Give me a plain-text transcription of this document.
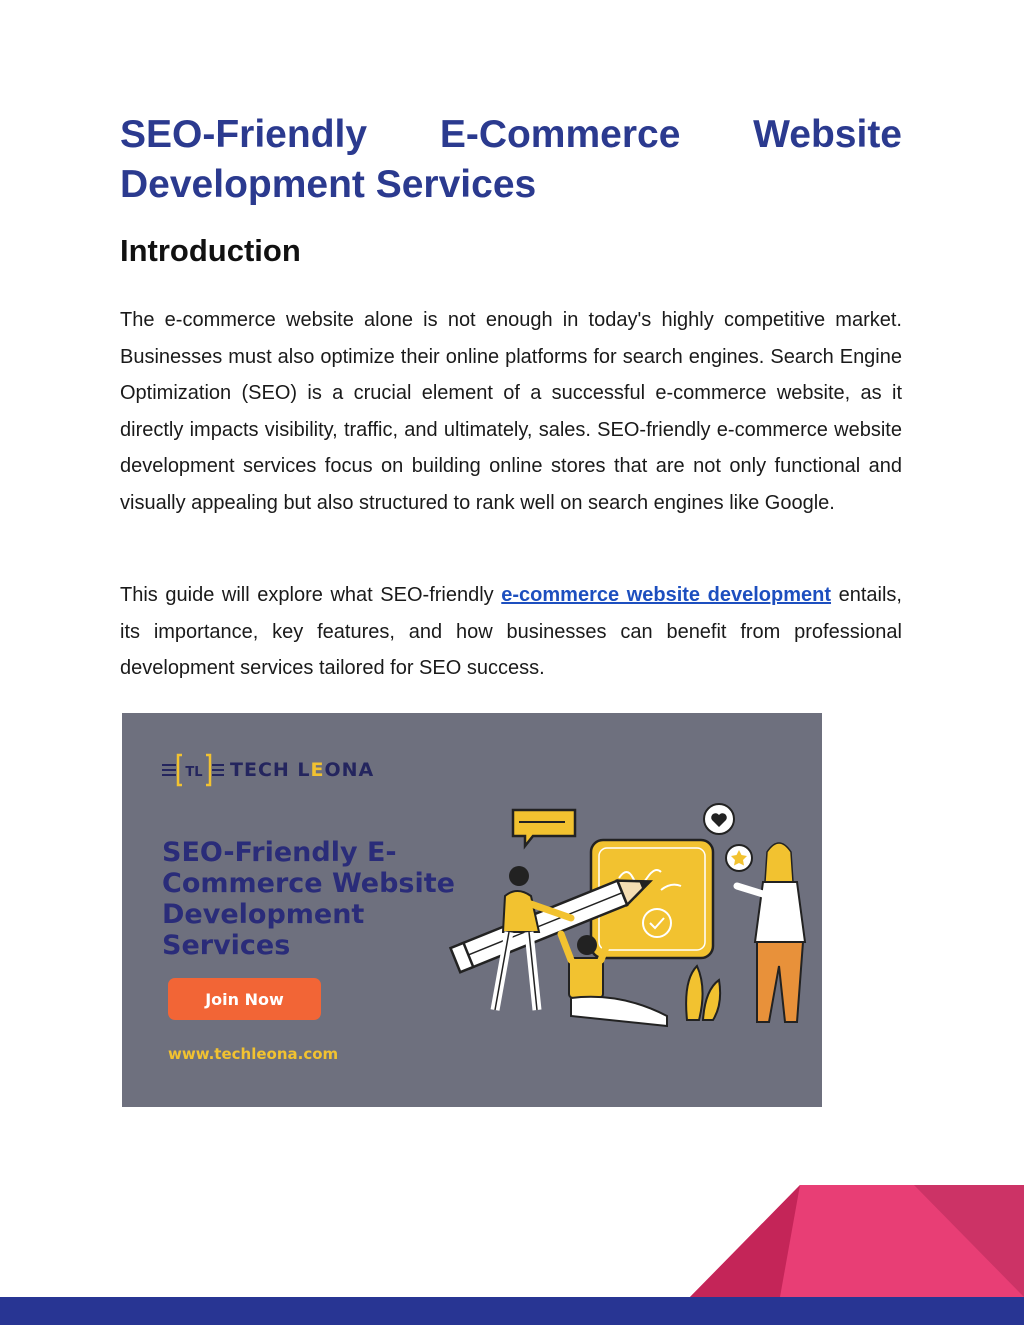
SEO-Friendly E-Commerce Website
Development Services
Introduction

The e-commerce website alone is not enough in today's highly competitive market. Businesses must also optimize their online platforms for search engines. Search Engine Optimization (SEO) is a crucial element of a successful e-commerce website, as it directly impacts visibility, traffic, and ultimately, sales. SEO-friendly e-commerce website development services focus on building online stores that are not only functional and visually appealing but also structured to rank well on search engines like Google.

This guide will explore what SEO-friendly e-commerce website development entails, its importance, key features, and how businesses can benefit from professional development services tailored for SEO success.

TL TECH LEONA

SEO-Friendly E-Commerce Website Development Services

Join Now
www.techleona.com
